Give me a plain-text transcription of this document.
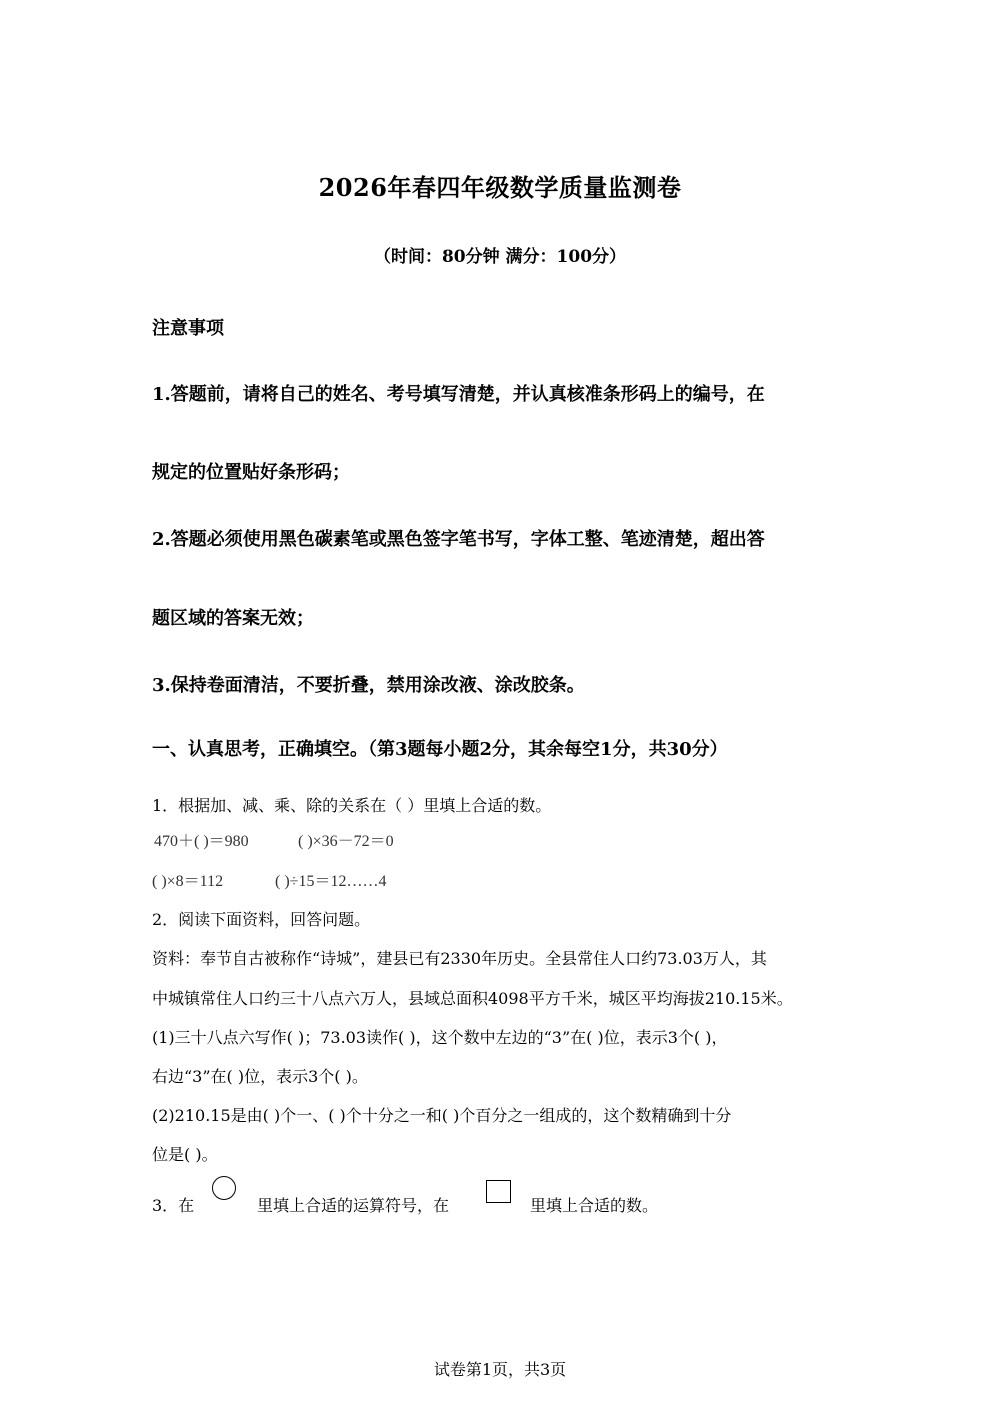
2026年春四年级数学质量监测卷
（时间：80分钟 满分：100分）
注意事项
1.答题前，请将自己的姓名、考号填写清楚，并认真核准条形码上的编号，在
规定的位置贴好条形码；
2.答题必须使用黑色碳素笔或黑色签字笔书写，字体工整、笔迹清楚，超出答
题区域的答案无效；
3.保持卷面清洁，不要折叠，禁用涂改液、涂改胶条。
一、认真思考，正确填空。（第3题每小题2分，其余每空1分，共30分）
1．根据加、减、乘、除的关系在（ ）里填上合适的数。
470＋( )＝980	( )×36－72＝0
( )×8＝112	( )÷15＝12……4
2．阅读下面资料，回答问题。
资料：奉节自古被称作“诗城”，建县已有2330年历史。全县常住人口约73.03万人，其
中城镇常住人口约三十八点六万人，县域总面积4098平方千米，城区平均海拔210.15米。
(1)三十八点六写作( )；73.03读作( )，这个数中左边的“3”在( )位，表示3个( )，
右边“3”在( )位，表示3个( )。
(2)210.15是由( )个一、( )个十分之一和( )个百分之一组成的，这个数精确到十分
位是( )。
3．在	里填上合适的运算符号，在	里填上合适的数。
试卷第1页，共3页
